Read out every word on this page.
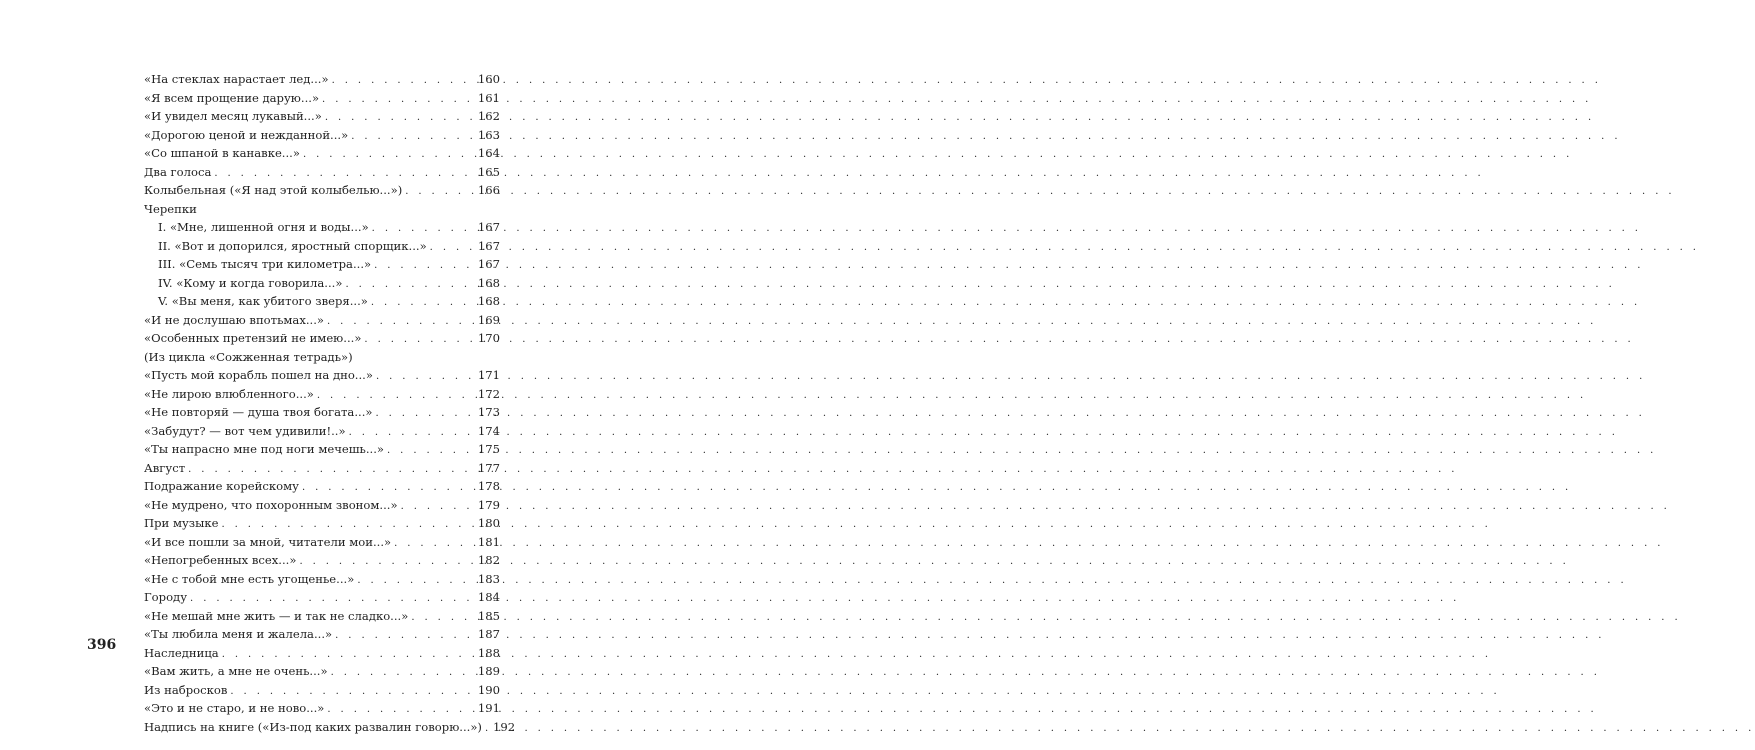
396
«На стеклах нарастает лед...» . . .	160
«Я всем прощение дарую...» . . .	161
«И увидел месяц лукавый...» . . .	162
«Дорогою ценой и нежданной...» . . .	163
«Со шпаной в канавке...» . . .	164
Два голоса . . .	165
Колыбельная («Я над этой колыбелью...») . . .	166
Черепки
I. «Мне, лишенной огня и воды...» . . .	167
II. «Вот и допорился, яростный спорщик...» . . .	167
III. «Семь тысяч три километра...» . . .	167
IV. «Кому и когда говорила...» . . .	168
V. «Вы меня, как убитого зверя...» . . .	168
«И не дослушаю впотьмах...» . . .	169
«Особенных претензий не имею...» . . .	170
(Из цикла «Сожженная тетрадь»)
«Пусть мой корабль пошел на дно...» . . .	171
«Не лирою влюбленного...» . . .	172
«Не повторяй — душа твоя богата...» . . .	173
«Забудут? — вот чем удивили!..» . . .	174
«Ты напрасно мне под ноги мечешь...» . . .	175
Август . . .	177
Подражание корейскому . . .	178
«Не мудрено, что похоронным звоном...» . . .	179
При музыке . . .	180
«И все пошли за мной, читатели мои...» . . .	181
«Непогребенных всех...» . . .	182
«Не с тобой мне есть угощенье...» . . .	183
Городу . . .	184
«Не мешай мне жить — и так не сладко...» . . .	185
«Ты любила меня и жалела...» . . .	187
Наследница . . .	188
«Вам жить, а мне не очень...» . . .	189
Из набросков . . .	190
«Это и не старо, и не ново...» . . .	191
Надпись на книге («Из-под каких развалин говорю...») . . . 192
